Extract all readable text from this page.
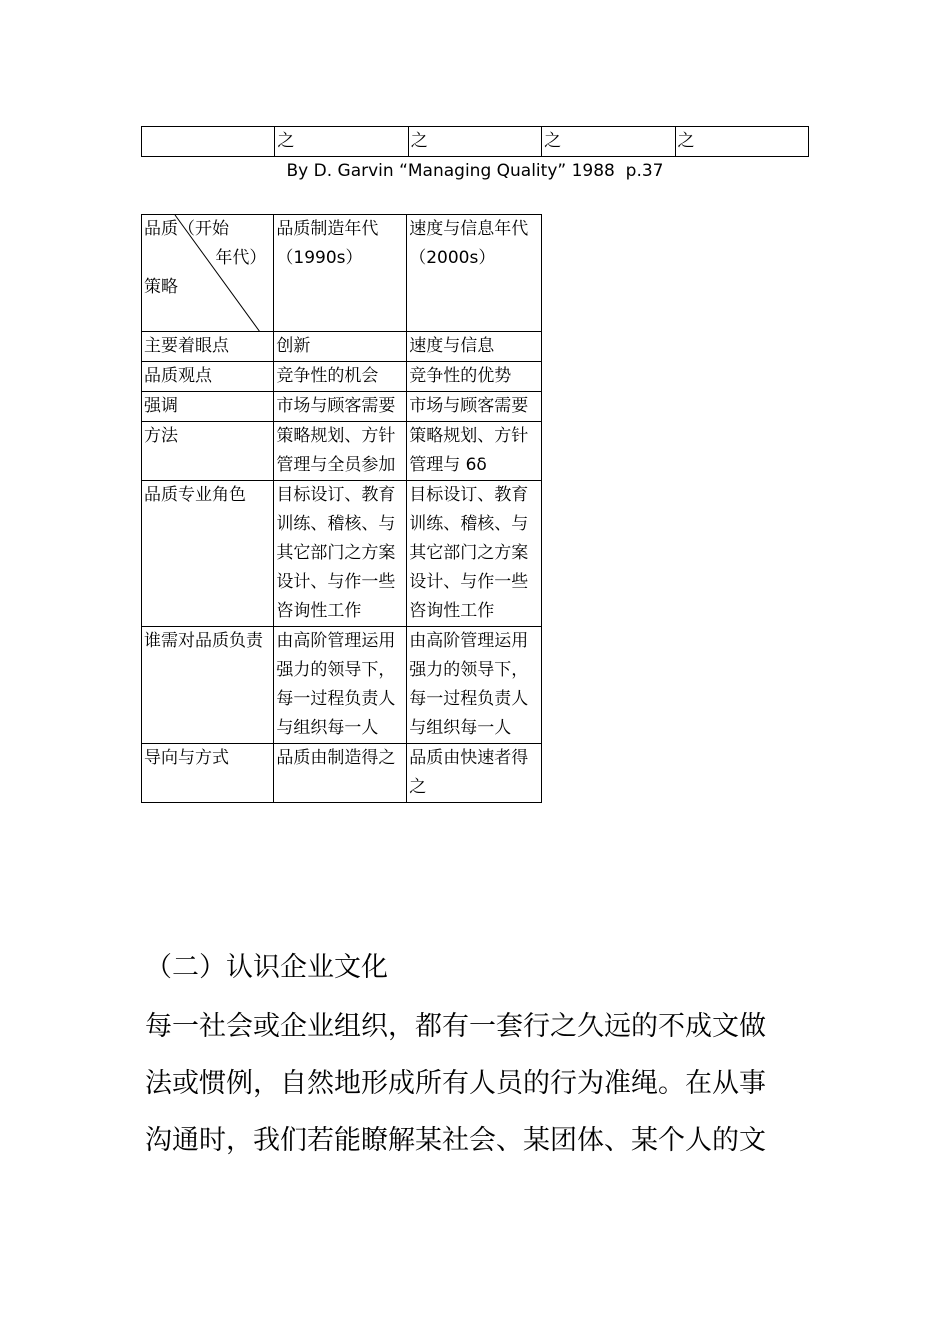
	之	之	之	之
By D. Garvin “Managing Quality” 1988  p.37
品质（开始
年代）
策略	品质制造年代（1990s）	速度与信息年代（2000s）
主要着眼点	创新	速度与信息
品质观点	竞争性的机会	竞争性的优势
强调	市场与顾客需要	市场与顾客需要
方法	策略规划、方针管理与全员参加	策略规划、方针管理与 6δ
品质专业角色	目标设订、教育训练、稽核、与其它部门之方案设计、与作一些咨询性工作	目标设订、教育训练、稽核、与其它部门之方案设计、与作一些咨询性工作
谁需对品质负责	由高阶管理运用强力的领导下，每一过程负责人与组织每一人	由高阶管理运用强力的领导下，每一过程负责人与组织每一人
导向与方式	品质由制造得之	品质由快速者得之
（二）认识企业文化
每一社会或企业组织，都有一套行之久远的不成文做
法或惯例，自然地形成所有人员的行为准绳。在从事
沟通时，我们若能瞭解某社会、某团体、某个人的文
